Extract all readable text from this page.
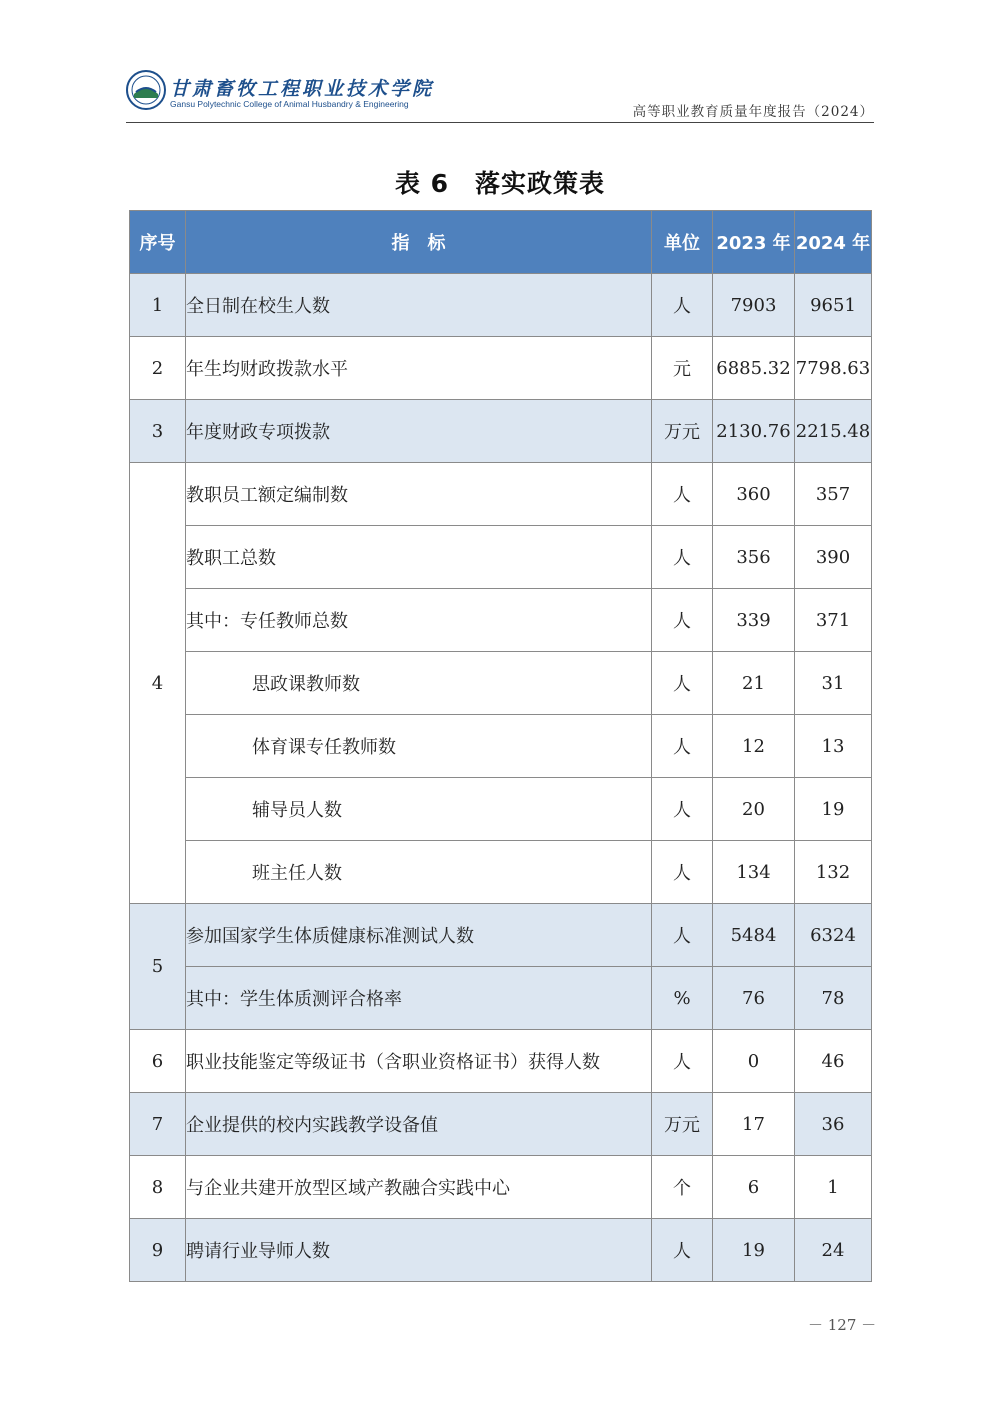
甘肃畜牧工程职业技术学院
Gansu Polytechnic College of Animal Husbandry & Engineering	高等职业教育质量年度报告（2024）
表 6　落实政策表
序号	指　标	单位	2023 年	2024 年
1	全日制在校生人数	人	7903	9651
2	年生均财政拨款水平	元	6885.32	7798.63
3	年度财政专项拨款	万元	2130.76	2215.48
4	教职员工额定编制数	人	360	357
	教职工总数	人	356	390
	其中：专任教师总数	人	339	371
	思政课教师数	人	21	31
	体育课专任教师数	人	12	13
	辅导员人数	人	20	19
	班主任人数	人	134	132
5	参加国家学生体质健康标准测试人数	人	5484	6324
	其中：学生体质测评合格率	%	76	78
6	职业技能鉴定等级证书（含职业资格证书）获得人数	人	0	46
7	企业提供的校内实践教学设备值	万元	17	36
8	与企业共建开放型区域产教融合实践中心	个	6	1
9	聘请行业导师人数	人	19	24
－ 127 －
